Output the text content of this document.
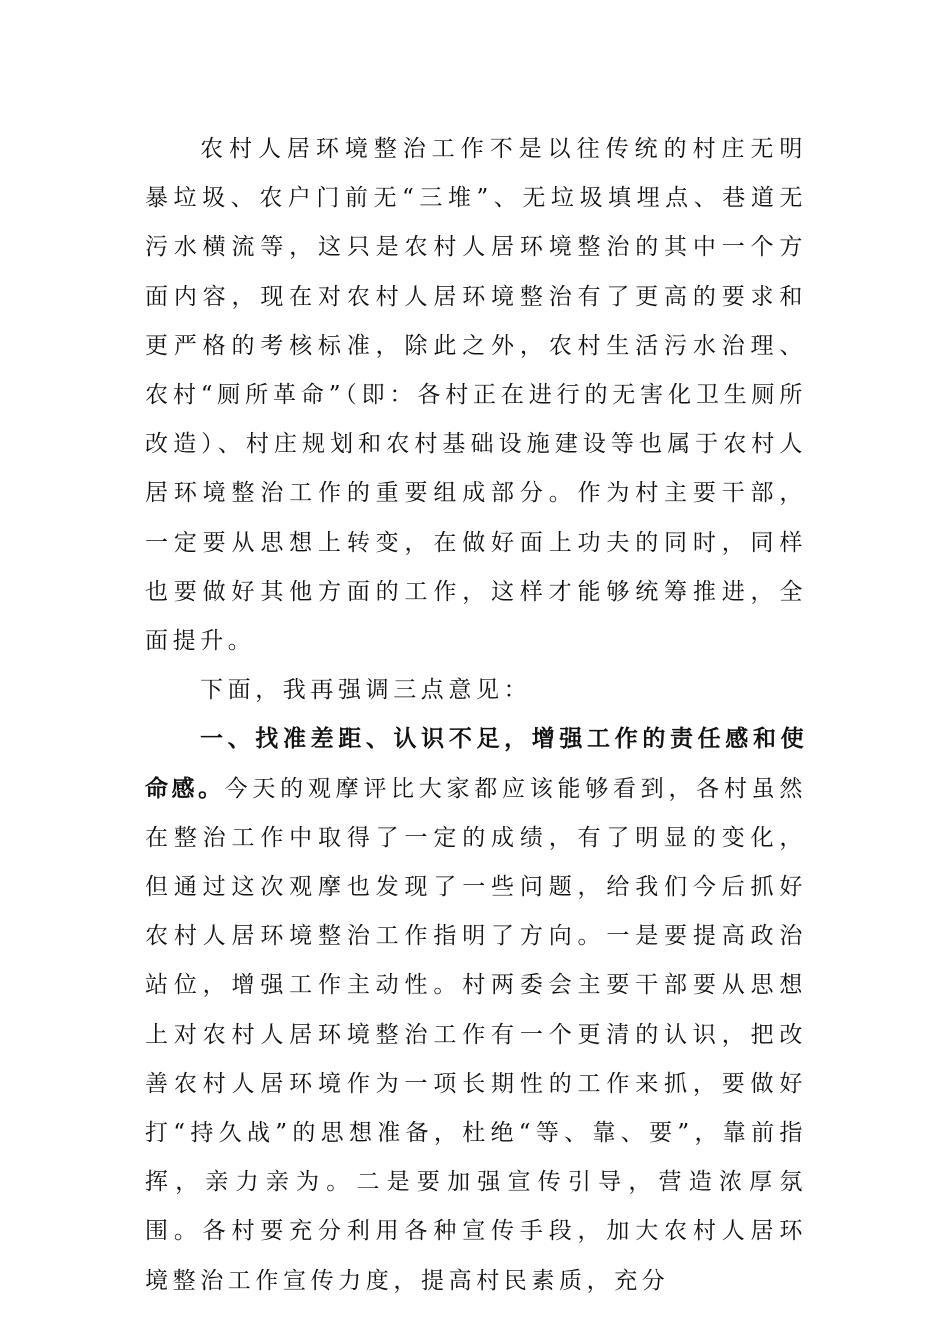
农村人居环境整治工作不是以往传统的村庄无明暴垃圾、农户门前无“三堆”、无垃圾填埋点、巷道无污水横流等，这只是农村人居环境整治的其中一个方面内容，现在对农村人居环境整治有了更高的要求和更严格的考核标准，除此之外，农村生活污水治理、农村“厕所革命”（即：各村正在进行的无害化卫生厕所改造）、村庄规划和农村基础设施建设等也属于农村人居环境整治工作的重要组成部分。作为村主要干部，一定要从思想上转变，在做好面上功夫的同时，同样也要做好其他方面的工作，这样才能够统筹推进，全面提升。

下面，我再强调三点意见：

一、找准差距、认识不足，增强工作的责任感和使命感。今天的观摩评比大家都应该能够看到，各村虽然在整治工作中取得了一定的成绩，有了明显的变化，但通过这次观摩也发现了一些问题，给我们今后抓好农村人居环境整治工作指明了方向。一是要提高政治站位，增强工作主动性。村两委会主要干部要从思想上对农村人居环境整治工作有一个更清的认识，把改善农村人居环境作为一项长期性的工作来抓，要做好打“持久战”的思想准备，杜绝“等、靠、要”，靠前指挥，亲力亲为。二是要加强宣传引导，营造浓厚氛围。各村要充分利用各种宣传手段，加大农村人居环境整治工作宣传力度，提高村民素质，充分
